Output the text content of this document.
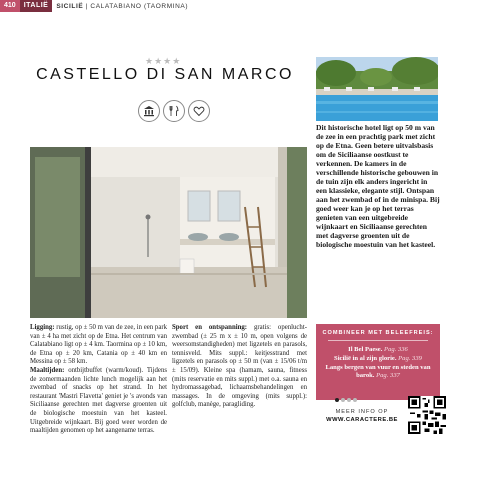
410	ITALIË	SICILIË | CALATABIANO (TAORMINA)
★★★★
CASTELLO DI SAN MARCO
Dit historische hotel ligt op 50 m van de zee in een prachtig park met zicht op de Etna. Geen betere uitvalsbasis om de Siciliaanse oostkust te verkennen. De kamers in de verschillende historische gebouwen in de tuin zijn elk anders ingericht in een klassieke, elegante stijl. Ontspan aan het zwembad of in de minispa. Bij goed weer kan je op het terras genieten van een uitgebreide wijnkaart en Siciliaanse gerechten met dagverse groenten uit de biologische moestuin van het kasteel.

Ligging: rustig, op ± 50 m van de zee, in een park van ± 4 ha met zicht op de Etna. Het centrum van Calatabiano ligt op ± 4 km. Taormina op ± 10 km, de Etna op ± 20 km, Catania op ± 40 km en Messina op ± 58 km.

Maaltijden: ontbijtbuffet (warm/koud). Tijdens de zomermaanden lichte lunch mogelijk aan het zwembad of snacks op het strand. In het restaurant 'Mastri Flavetta' geniet je 's avonds van Siciliaanse gerechten met dagverse groenten uit de biologische moestuin van het kasteel. Uitgebreide wijnkaart. Bij goed weer worden de maaltijden genomen op het aangename terras.

Sport en ontspanning: gratis: openlucht-zwembad (± 25 m x ± 10 m, open volgens de weersomstandigheden) met ligzetels en parasols, tennisveld. Mits suppl.: keitjesstrand met ligzetels en parasols op ± 50 m (van ± 15/06 t/m ± 15/09). Kleine spa (hamam, sauna, fitness (mits reservatie en mits suppl.) met o.a. sauna en hydromassagebad, lichaamsbehandelingen en massages. In de omgeving (mits suppl.): golfclub, manège, paragliding.

COMBINEER MET BELEEFREIS:
Il Bel Paese. Pag. 336
Sicilië in al zijn glorie. Pag. 339
Langs bergen van vuur en steden van barok. Pag. 337
MEER INFO OP
WWW.CARACTERE.BE
